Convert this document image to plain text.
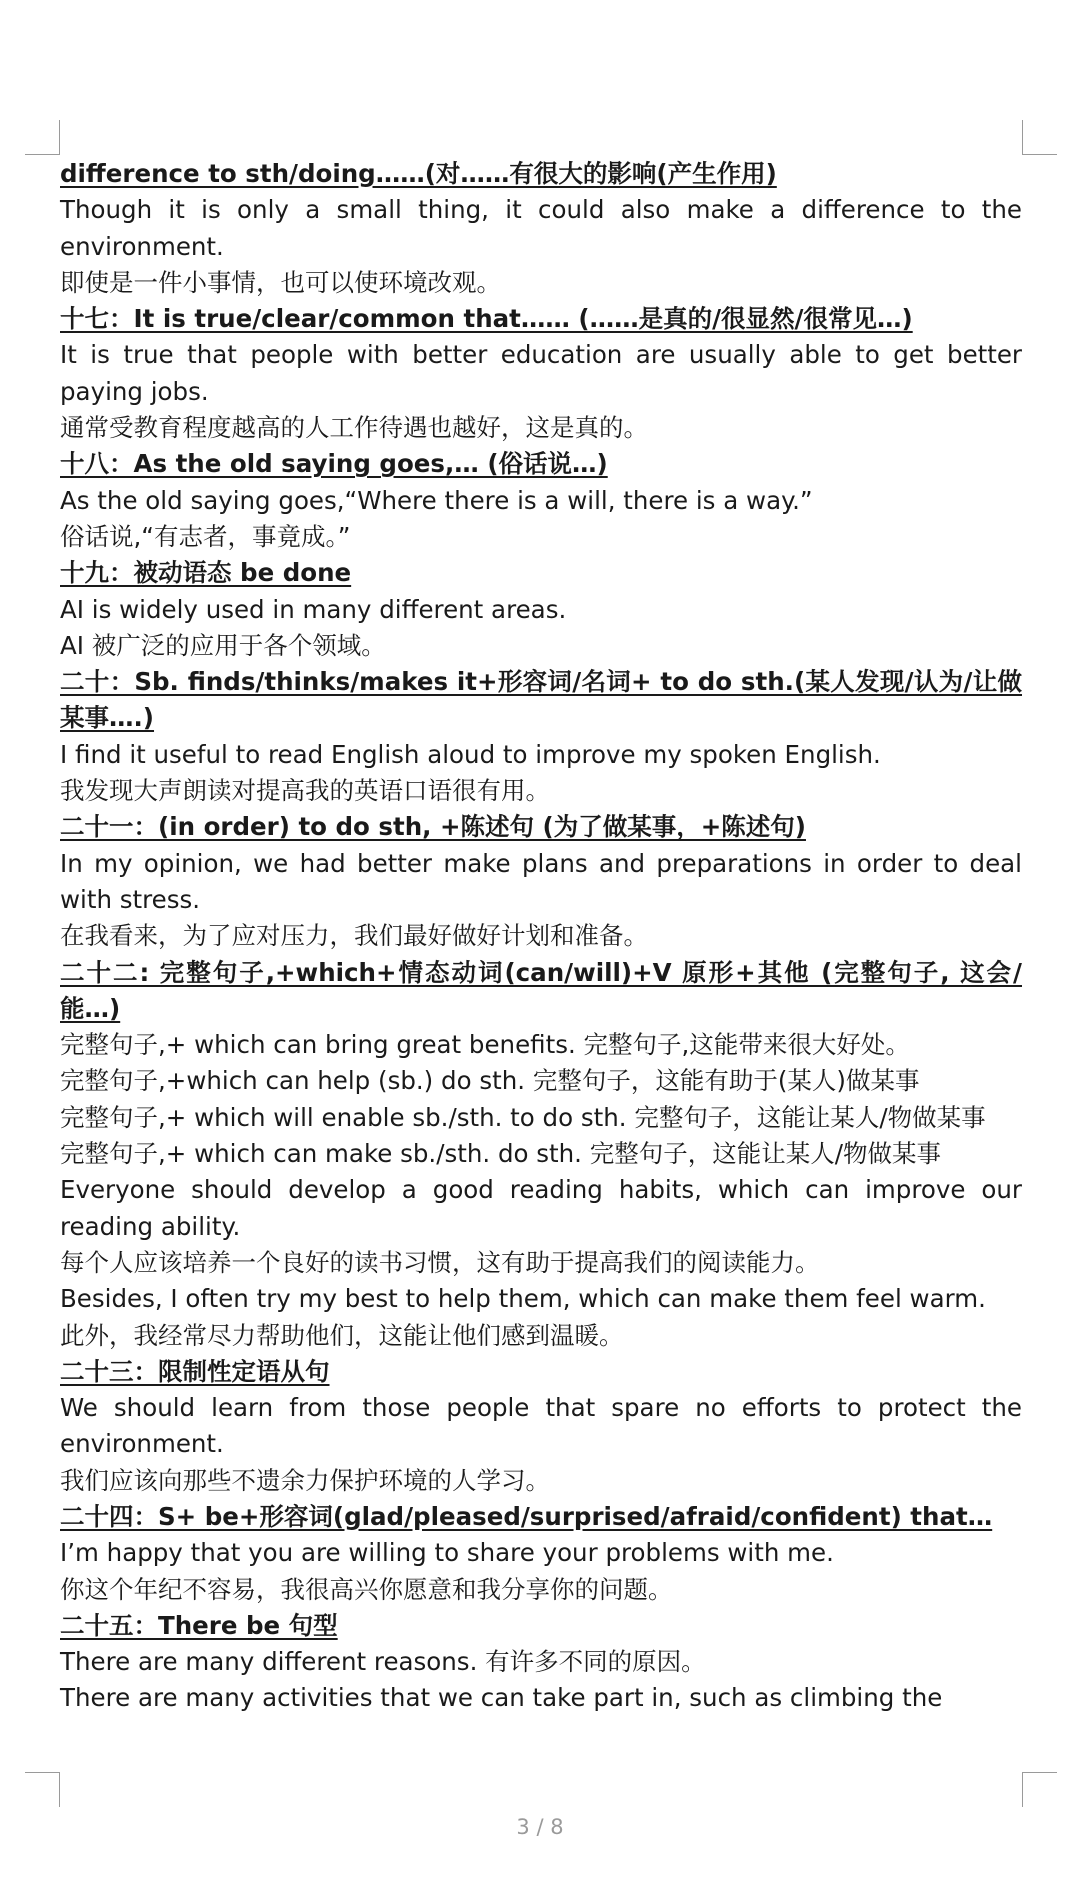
difference to sth/doing……(对……有很大的影响(产生作用)

Though it is only a small thing, it could also make a difference to the environment.

即使是一件小事情，也可以使环境改观。

十七：It is true/clear/common that…… (……是真的/很显然/很常见…)

It is true that people with better education are usually able to get better paying jobs.

通常受教育程度越高的人工作待遇也越好，这是真的。

十八：As the old saying goes,… (俗话说…)

As the old saying goes,“Where there is a will, there is a way.”

俗话说,“有志者，事竟成。”

十九：被动语态 be done

AI is widely used in many different areas.

AI 被广泛的应用于各个领域。

二十：Sb. finds/thinks/makes it+形容词/名词+ to do sth.(某人发现/认为/让做某事….)

I find it useful to read English aloud to improve my spoken English.

我发现大声朗读对提高我的英语口语很有用。

二十一：(in order) to do sth, +陈述句 (为了做某事，+陈述句)

In my opinion, we had better make plans and preparations in order to deal with stress.

在我看来，为了应对压力，我们最好做好计划和准备。

二十二: 完整句子,+which+情态动词(can/will)+V 原形+其他 (完整句子, 这会/能…)

完整句子,+ which can bring great benefits. 完整句子,这能带来很大好处。

完整句子,+which can help (sb.) do sth. 完整句子，这能有助于(某人)做某事

完整句子,+ which will enable sb./sth. to do sth. 完整句子，这能让某人/物做某事

完整句子,+ which can make sb./sth. do sth. 完整句子，这能让某人/物做某事

Everyone should develop a good reading habits, which can improve our reading ability.

每个人应该培养一个良好的读书习惯，这有助于提高我们的阅读能力。

Besides, I often try my best to help them, which can make them feel warm.

此外，我经常尽力帮助他们，这能让他们感到温暖。

二十三：限制性定语从句

We should learn from those people that spare no efforts to protect the environment.

我们应该向那些不遗余力保护环境的人学习。

二十四：S+ be+形容词(glad/pleased/surprised/afraid/confident) that…

I’m happy that you are willing to share your problems with me.

你这个年纪不容易，我很高兴你愿意和我分享你的问题。

二十五：There be 句型

There are many different reasons. 有许多不同的原因。

There are many activities that we can take part in, such as climbing the

3 / 8
